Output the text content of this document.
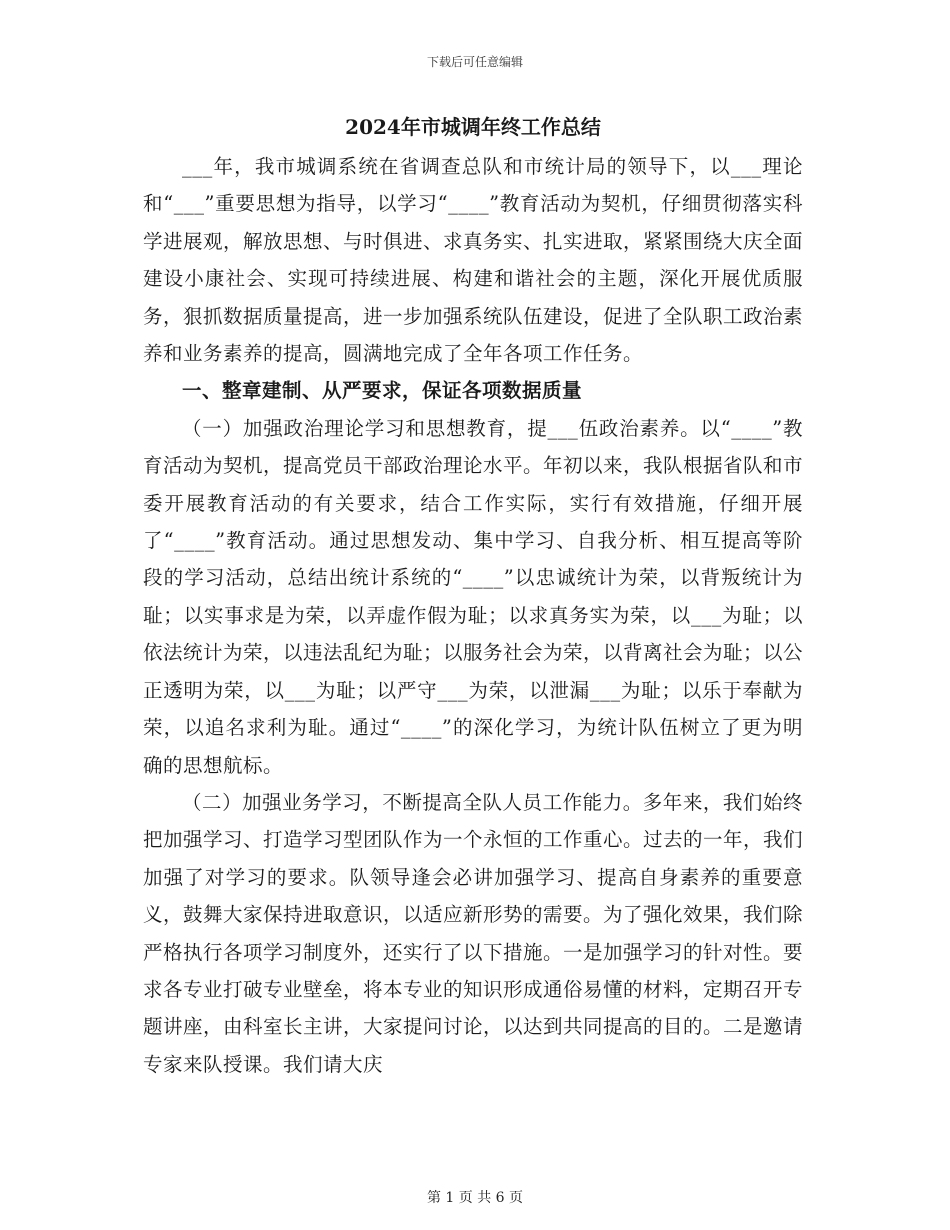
下载后可任意编辑
2024年市城调年终工作总结

___年，我市城调系统在省调查总队和市统计局的领导下，以___理论和“___”重要思想为指导，以学习“____”教育活动为契机，仔细贯彻落实科学进展观，解放思想、与时俱进、求真务实、扎实进取，紧紧围绕大庆全面建设小康社会、实现可持续进展、构建和谐社会的主题，深化开展优质服务，狠抓数据质量提高，进一步加强系统队伍建设，促进了全队职工政治素养和业务素养的提高，圆满地完成了全年各项工作任务。

一、整章建制、从严要求，保证各项数据质量

（一）加强政治理论学习和思想教育，提___伍政治素养。以“____”教育活动为契机，提高党员干部政治理论水平。年初以来，我队根据省队和市委开展教育活动的有关要求，结合工作实际，实行有效措施，仔细开展了“____”教育活动。通过思想发动、集中学习、自我分析、相互提高等阶段的学习活动，总结出统计系统的“____”以忠诚统计为荣，以背叛统计为耻；以实事求是为荣，以弄虚作假为耻；以求真务实为荣，以___为耻；以依法统计为荣，以违法乱纪为耻；以服务社会为荣，以背离社会为耻；以公正透明为荣，以___为耻；以严守___为荣，以泄漏___为耻；以乐于奉献为荣，以追名求利为耻。通过“____”的深化学习，为统计队伍树立了更为明确的思想航标。

（二）加强业务学习，不断提高全队人员工作能力。多年来，我们始终把加强学习、打造学习型团队作为一个永恒的工作重心。过去的一年，我们加强了对学习的要求。队领导逢会必讲加强学习、提高自身素养的重要意义，鼓舞大家保持进取意识，以适应新形势的需要。为了强化效果，我们除严格执行各项学习制度外，还实行了以下措施。一是加强学习的针对性。要求各专业打破专业壁垒，将本专业的知识形成通俗易懂的材料，定期召开专题讲座，由科室长主讲，大家提问讨论，以达到共同提高的目的。二是邀请专家来队授课。我们请大庆

第 1 页 共 6 页
